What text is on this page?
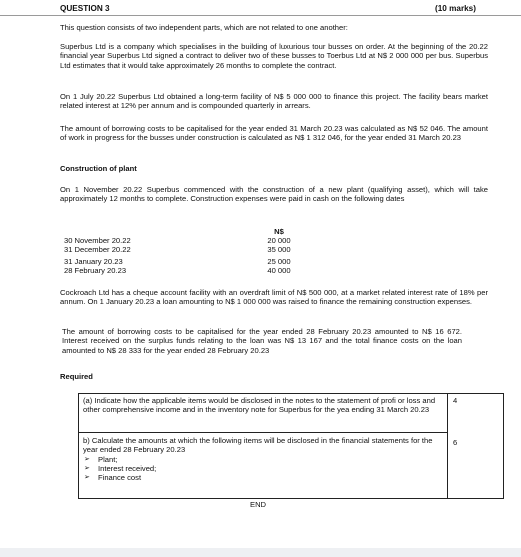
QUESTION 3	(10 marks)

This question consists of two independent parts, which are not related to one another:

Superbus Ltd is a company which specialises in the building of luxurious tour busses on order. At the beginning of the 20.22 financial year Superbus Ltd signed a contract to deliver two of these busses to Toerbus Ltd at N$ 2 000 000 per bus. Superbus Ltd estimates that it would take approximately 26 months to complete the contract.

On 1 July 20.22 Superbus Ltd obtained a long-term facility of N$ 5 000 000 to finance this project. The facility bears market related interest at 12% per annum and is compounded quarterly in arrears.

The amount of borrowing costs to be capitalised for the year ended 31 March 20.23 was calculated as N$ 52 046. The amount of work in progress for the busses under construction is calculated as N$ 1 312 046, for the year ended 31 March 20.23

Construction of plant

On 1 November 20.22 Superbus commenced with the construction of a new plant (qualifying asset), which will take approximately 12 months to complete. Construction expenses were paid in cash on the following dates

N$
30 November 20.22	20 000
31 December 20.22	35 000
31 January 20.23	25 000
28 February 20.23	40 000

Cockroach Ltd has a cheque account facility with an overdraft limit of N$ 500 000, at a market related interest rate of 18% per annum. On 1 January 20.23 a loan amounting to N$ 1 000 000 was raised to finance the remaining construction expenses.

The amount of borrowing costs to be capitalised for the year ended 28 February 20.23 amounted to N$ 16 672. Interest received on the surplus funds relating to the loan was N$ 13 167 and the total finance costs on the loan amounted to N$ 28 333 for the year ended 28 February 20.23

Required

(a) Indicate how the applicable items would be disclosed in the notes to the statement of profi or loss and other comprehensive income and in the inventory note for Superbus for the yea ending 31 March 20.23
4
b) Calculate the amounts at which the following items will be disclosed in the financial statements for the year ended 28 February 20.23
➢ Plant;
➢ Interest received;
➢ Finance cost
6
END
